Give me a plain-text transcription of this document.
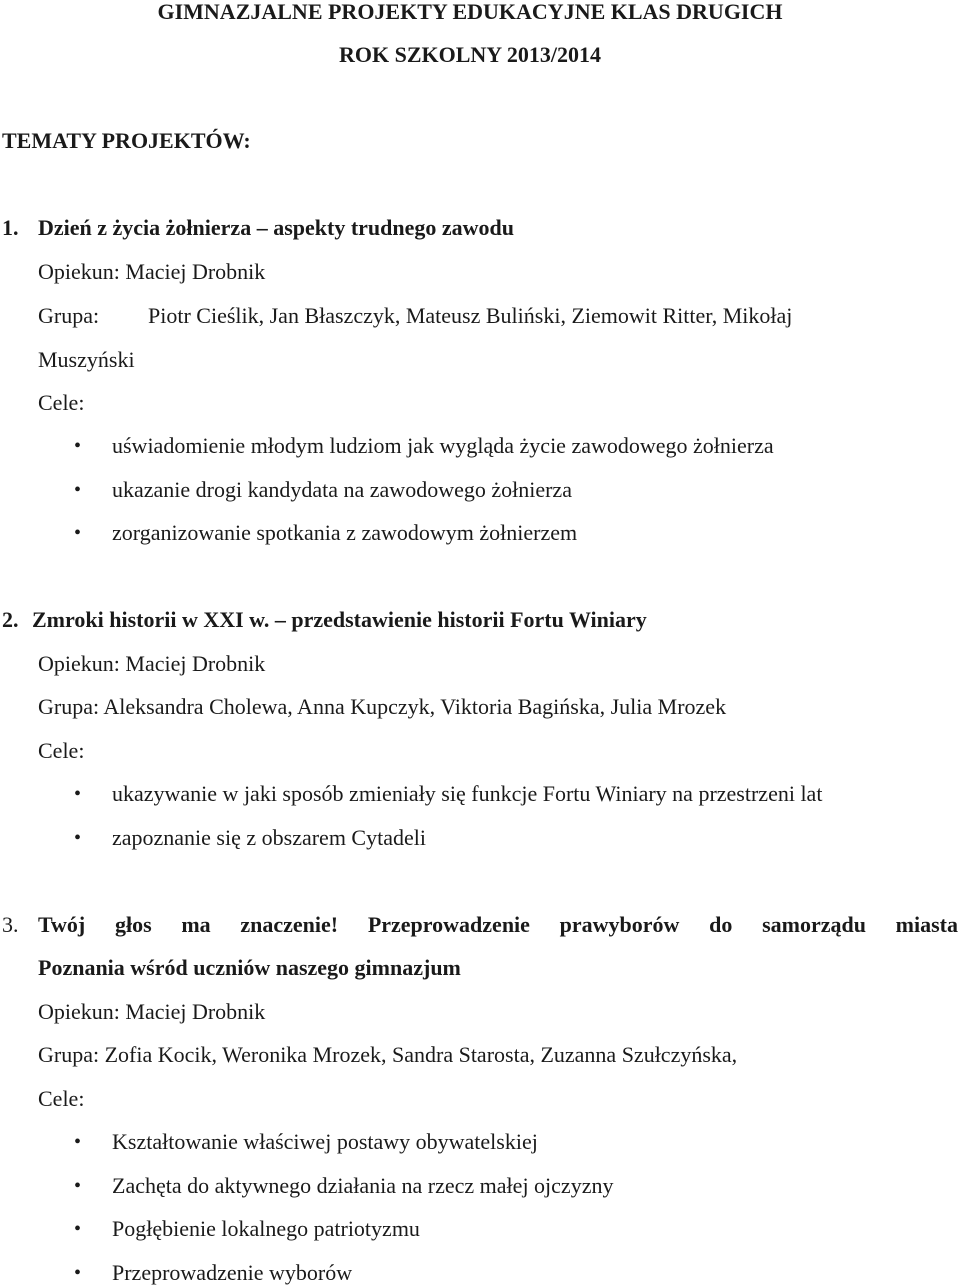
GIMNAZJALNE PROJEKTY EDUKACYJNE KLAS DRUGICH
ROK SZKOLNY 2013/2014
TEMATY PROJEKTÓW:
1. Dzień z życia żołnierza – aspekty trudnego zawodu
Opiekun: Maciej Drobnik
Grupa: Piotr Cieślik, Jan Błaszczyk, Mateusz Buliński, Ziemowit Ritter, Mikołaj
Muszyński
Cele:
• uświadomienie młodym ludziom jak wygląda życie zawodowego żołnierza
• ukazanie drogi kandydata na zawodowego żołnierza
• zorganizowanie spotkania z zawodowym żołnierzem
2. Zmroki historii w XXI w. – przedstawienie historii Fortu Winiary
Opiekun: Maciej Drobnik
Grupa: Aleksandra Cholewa, Anna Kupczyk, Viktoria Bagińska, Julia Mrozek
Cele:
• ukazywanie w jaki sposób zmieniały się funkcje Fortu Winiary na przestrzeni lat
• zapoznanie się z obszarem Cytadeli
3. Twój głos ma znaczenie! Przeprowadzenie prawyborów do samorządu miasta
Poznania wśród uczniów naszego gimnazjum
Opiekun: Maciej Drobnik
Grupa: Zofia Kocik, Weronika Mrozek, Sandra Starosta, Zuzanna Szułczyńska,
Cele:
• Kształtowanie właściwej postawy obywatelskiej
• Zachęta do aktywnego działania na rzecz małej ojczyzny
• Pogłębienie lokalnego patriotyzmu
• Przeprowadzenie wyborów
